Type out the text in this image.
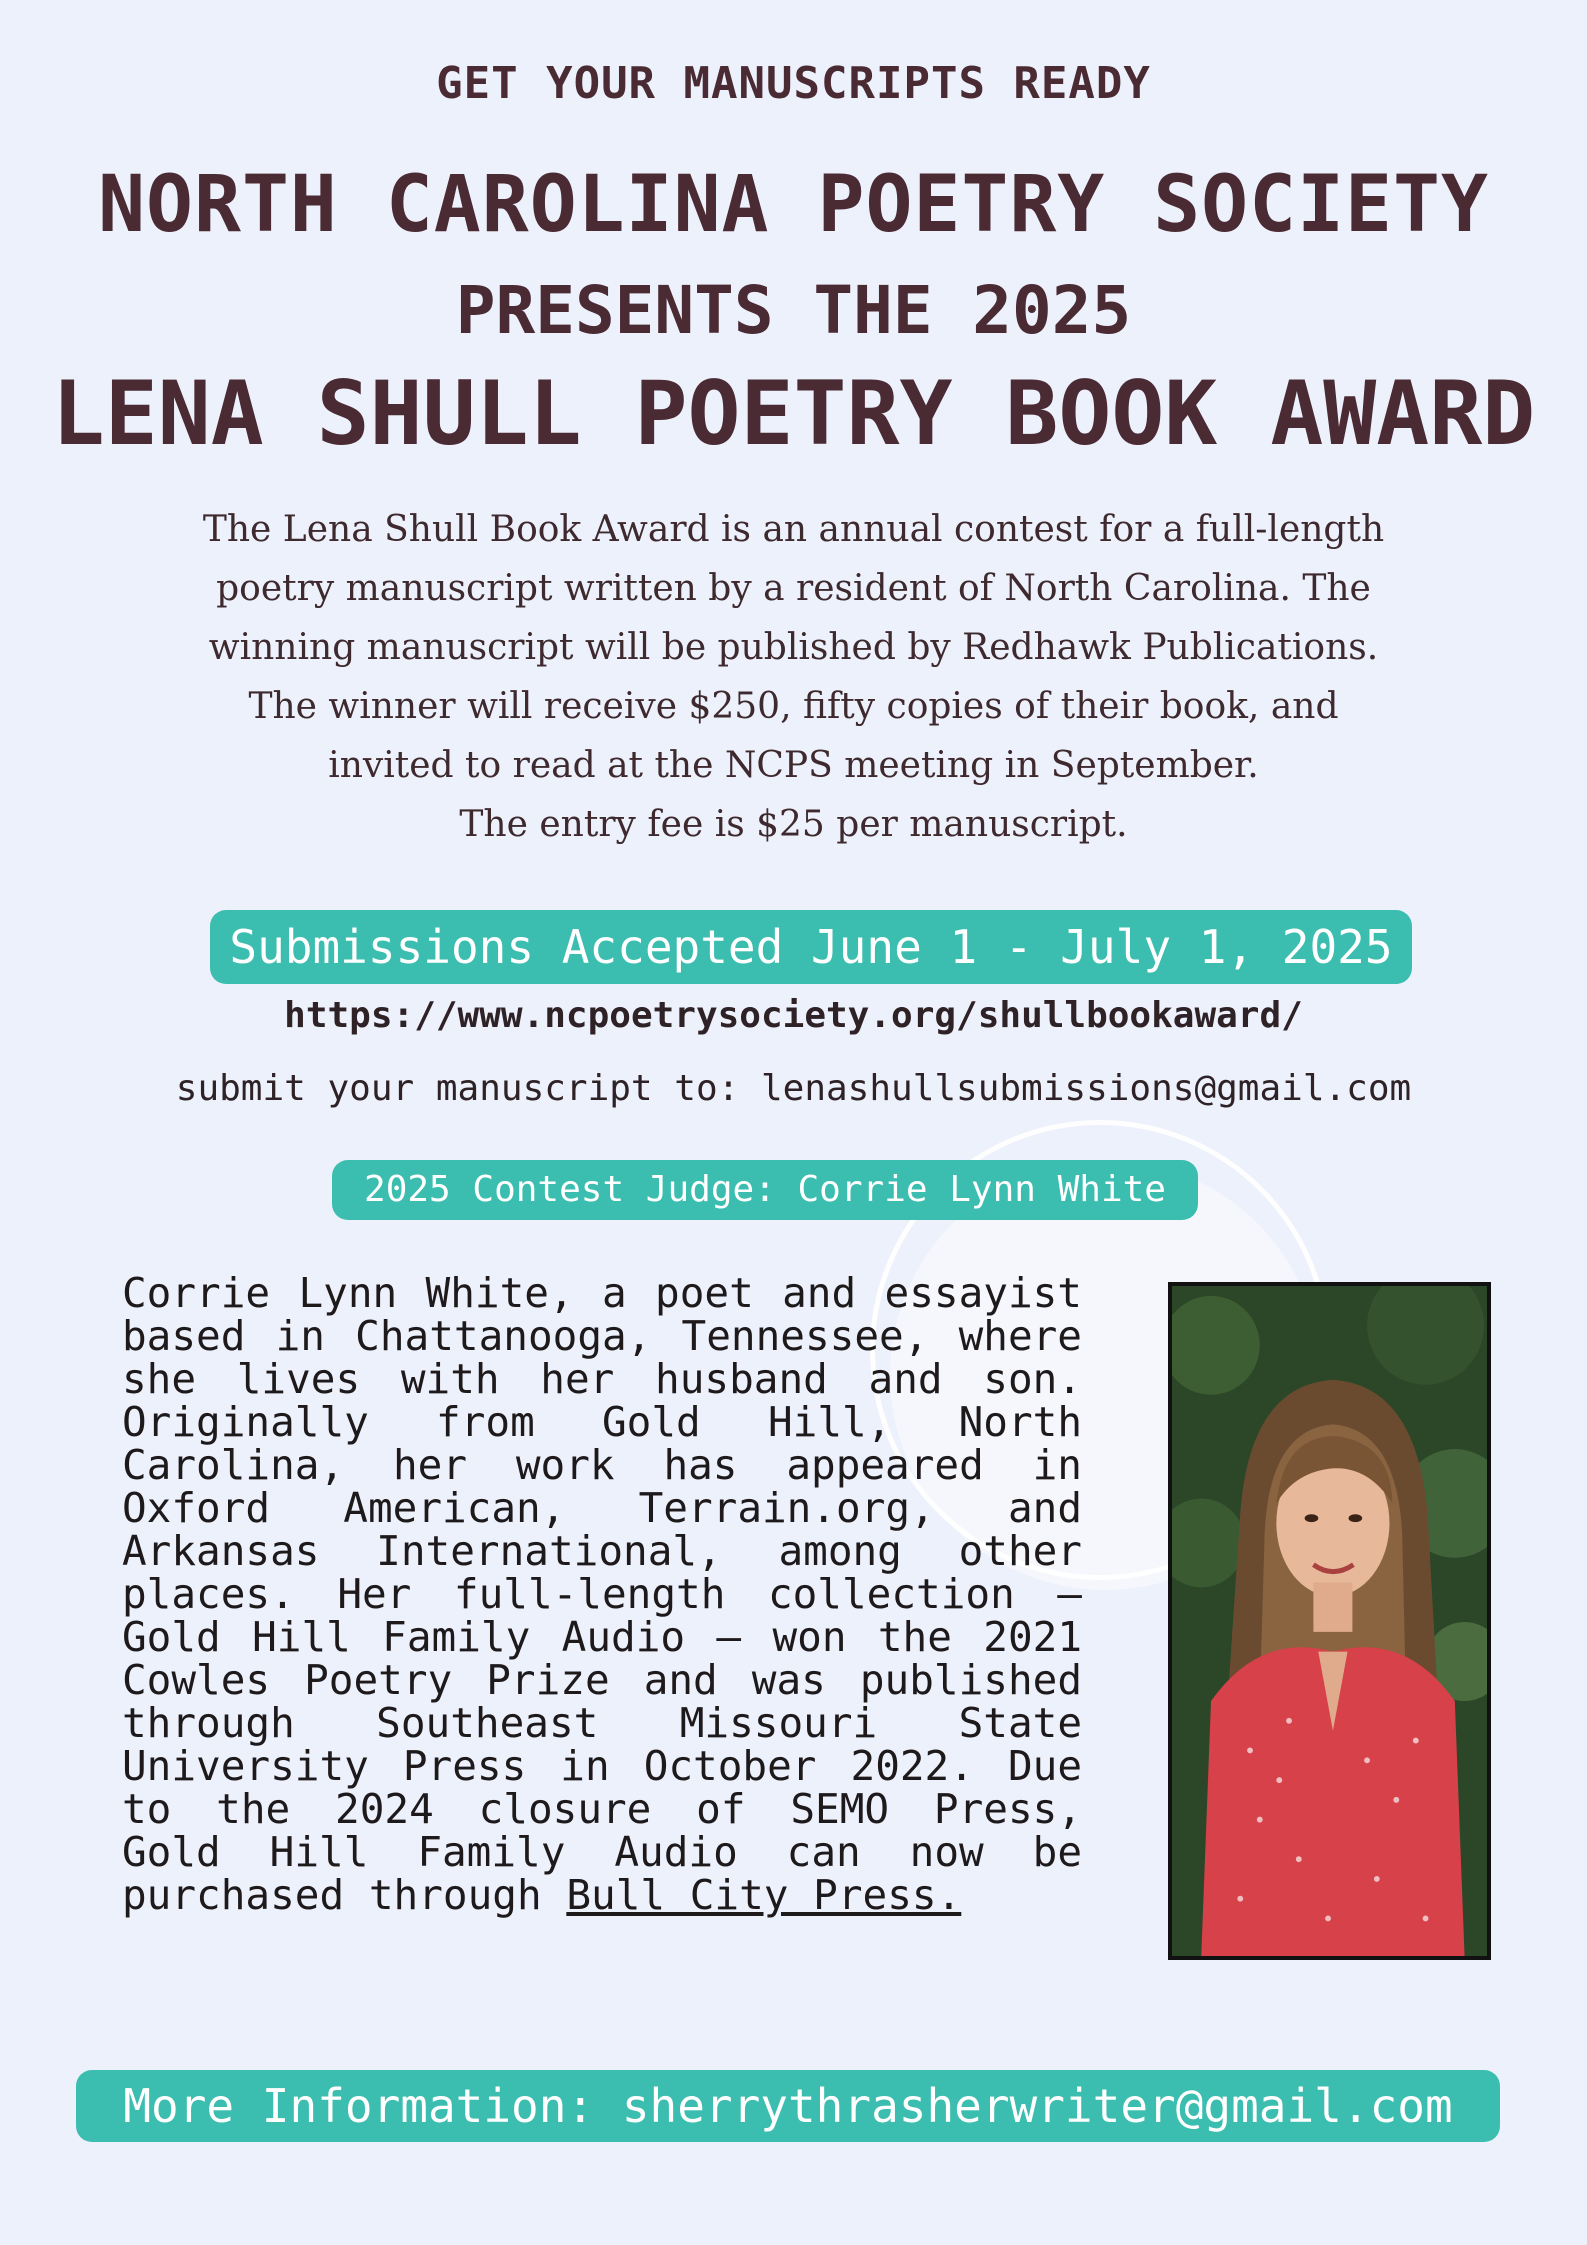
GET YOUR MANUSCRIPTS READY
NORTH CAROLINA POETRY SOCIETY
PRESENTS THE 2025
LENA SHULL POETRY BOOK AWARD
The Lena Shull Book Award is an annual contest for a full-length
poetry manuscript written by a resident of North Carolina. The
winning manuscript will be published by Redhawk Publications.
The winner will receive $250, fifty copies of their book, and
invited to read at the NCPS meeting in September.
The entry fee is $25 per manuscript.
Submissions Accepted June 1 - July 1, 2025
https://www.ncpoetrysociety.org/shullbookaward/
submit your manuscript to: lenashullsubmissions@gmail.com
2025 Contest Judge: Corrie Lynn White
Corrie Lynn White, a poet and essayist based in Chattanooga, Tennessee, where she lives with her husband and son. Originally from Gold Hill, North Carolina, her work has appeared in Oxford American, Terrain.org, and Arkansas International, among other places. Her full-length collection — Gold Hill Family Audio — won the 2021 Cowles Poetry Prize and was published through Southeast Missouri State University Press in October 2022. Due to the 2024 closure of SEMO Press, Gold Hill Family Audio can now be purchased through Bull City Press.
More Information: sherrythrasherwriter@gmail.com
